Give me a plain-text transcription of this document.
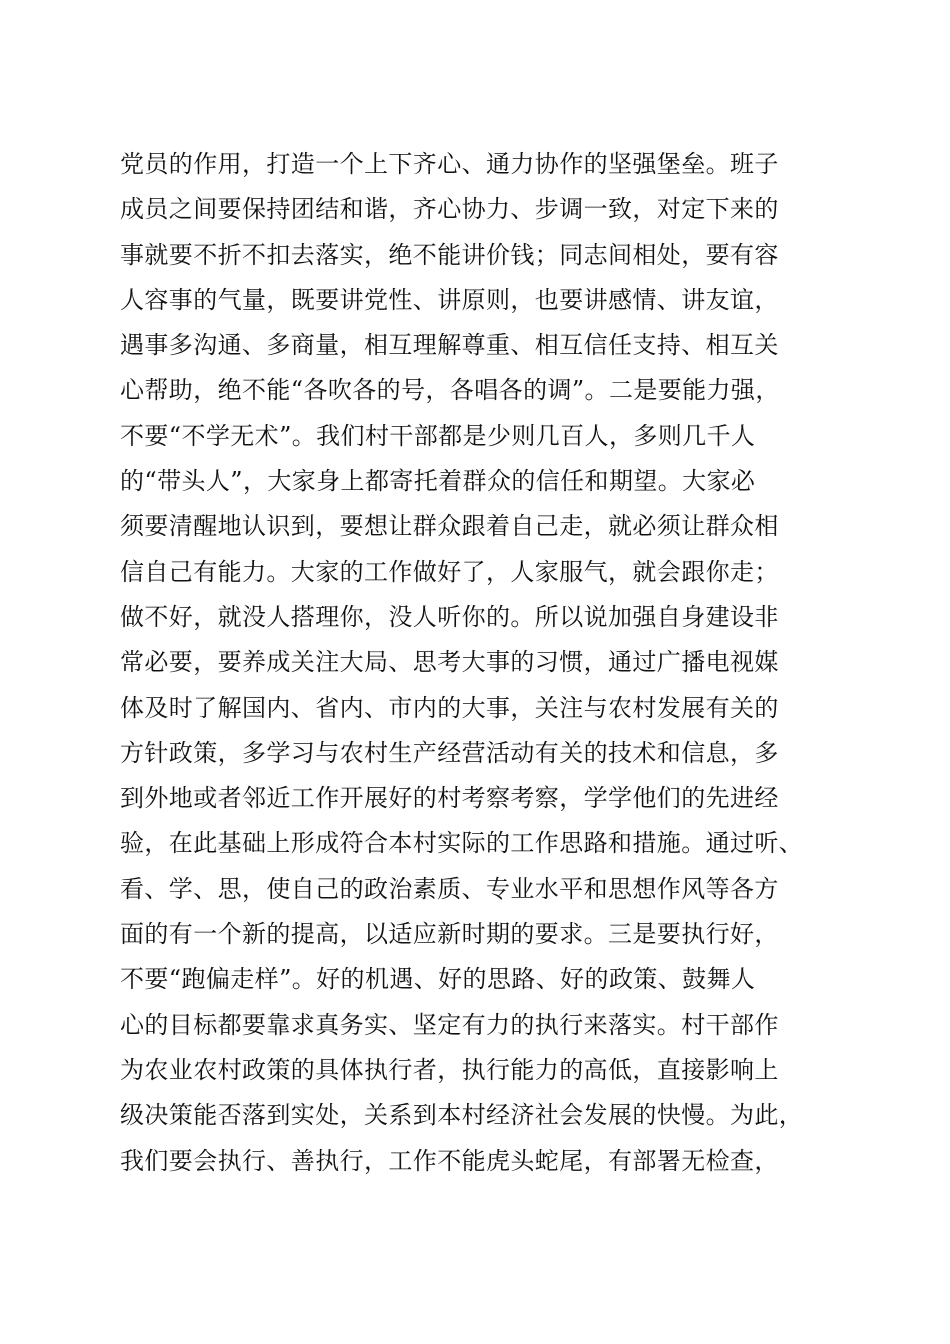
党员的作用，打造一个上下齐心、通力协作的坚强堡垒。班子
成员之间要保持团结和谐，齐心协力、步调一致，对定下来的
事就要不折不扣去落实，绝不能讲价钱；同志间相处，要有容
人容事的气量，既要讲党性、讲原则，也要讲感情、讲友谊，
遇事多沟通、多商量，相互理解尊重、相互信任支持、相互关
心帮助，绝不能“各吹各的号，各唱各的调”。二是要能力强，
不要“不学无术”。我们村干部都是少则几百人，多则几千人
的“带头人”，大家身上都寄托着群众的信任和期望。大家必
须要清醒地认识到，要想让群众跟着自己走，就必须让群众相
信自己有能力。大家的工作做好了，人家服气，就会跟你走；
做不好，就没人搭理你，没人听你的。所以说加强自身建设非
常必要，要养成关注大局、思考大事的习惯，通过广播电视媒
体及时了解国内、省内、市内的大事，关注与农村发展有关的
方针政策，多学习与农村生产经营活动有关的技术和信息，多
到外地或者邻近工作开展好的村考察考察，学学他们的先进经
验，在此基础上形成符合本村实际的工作思路和措施。通过听、
看、学、思，使自己的政治素质、专业水平和思想作风等各方
面的有一个新的提高，以适应新时期的要求。三是要执行好，
不要“跑偏走样”。好的机遇、好的思路、好的政策、鼓舞人
心的目标都要靠求真务实、坚定有力的执行来落实。村干部作
为农业农村政策的具体执行者，执行能力的高低，直接影响上
级决策能否落到实处，关系到本村经济社会发展的快慢。为此，
我们要会执行、善执行，工作不能虎头蛇尾，有部署无检查，
